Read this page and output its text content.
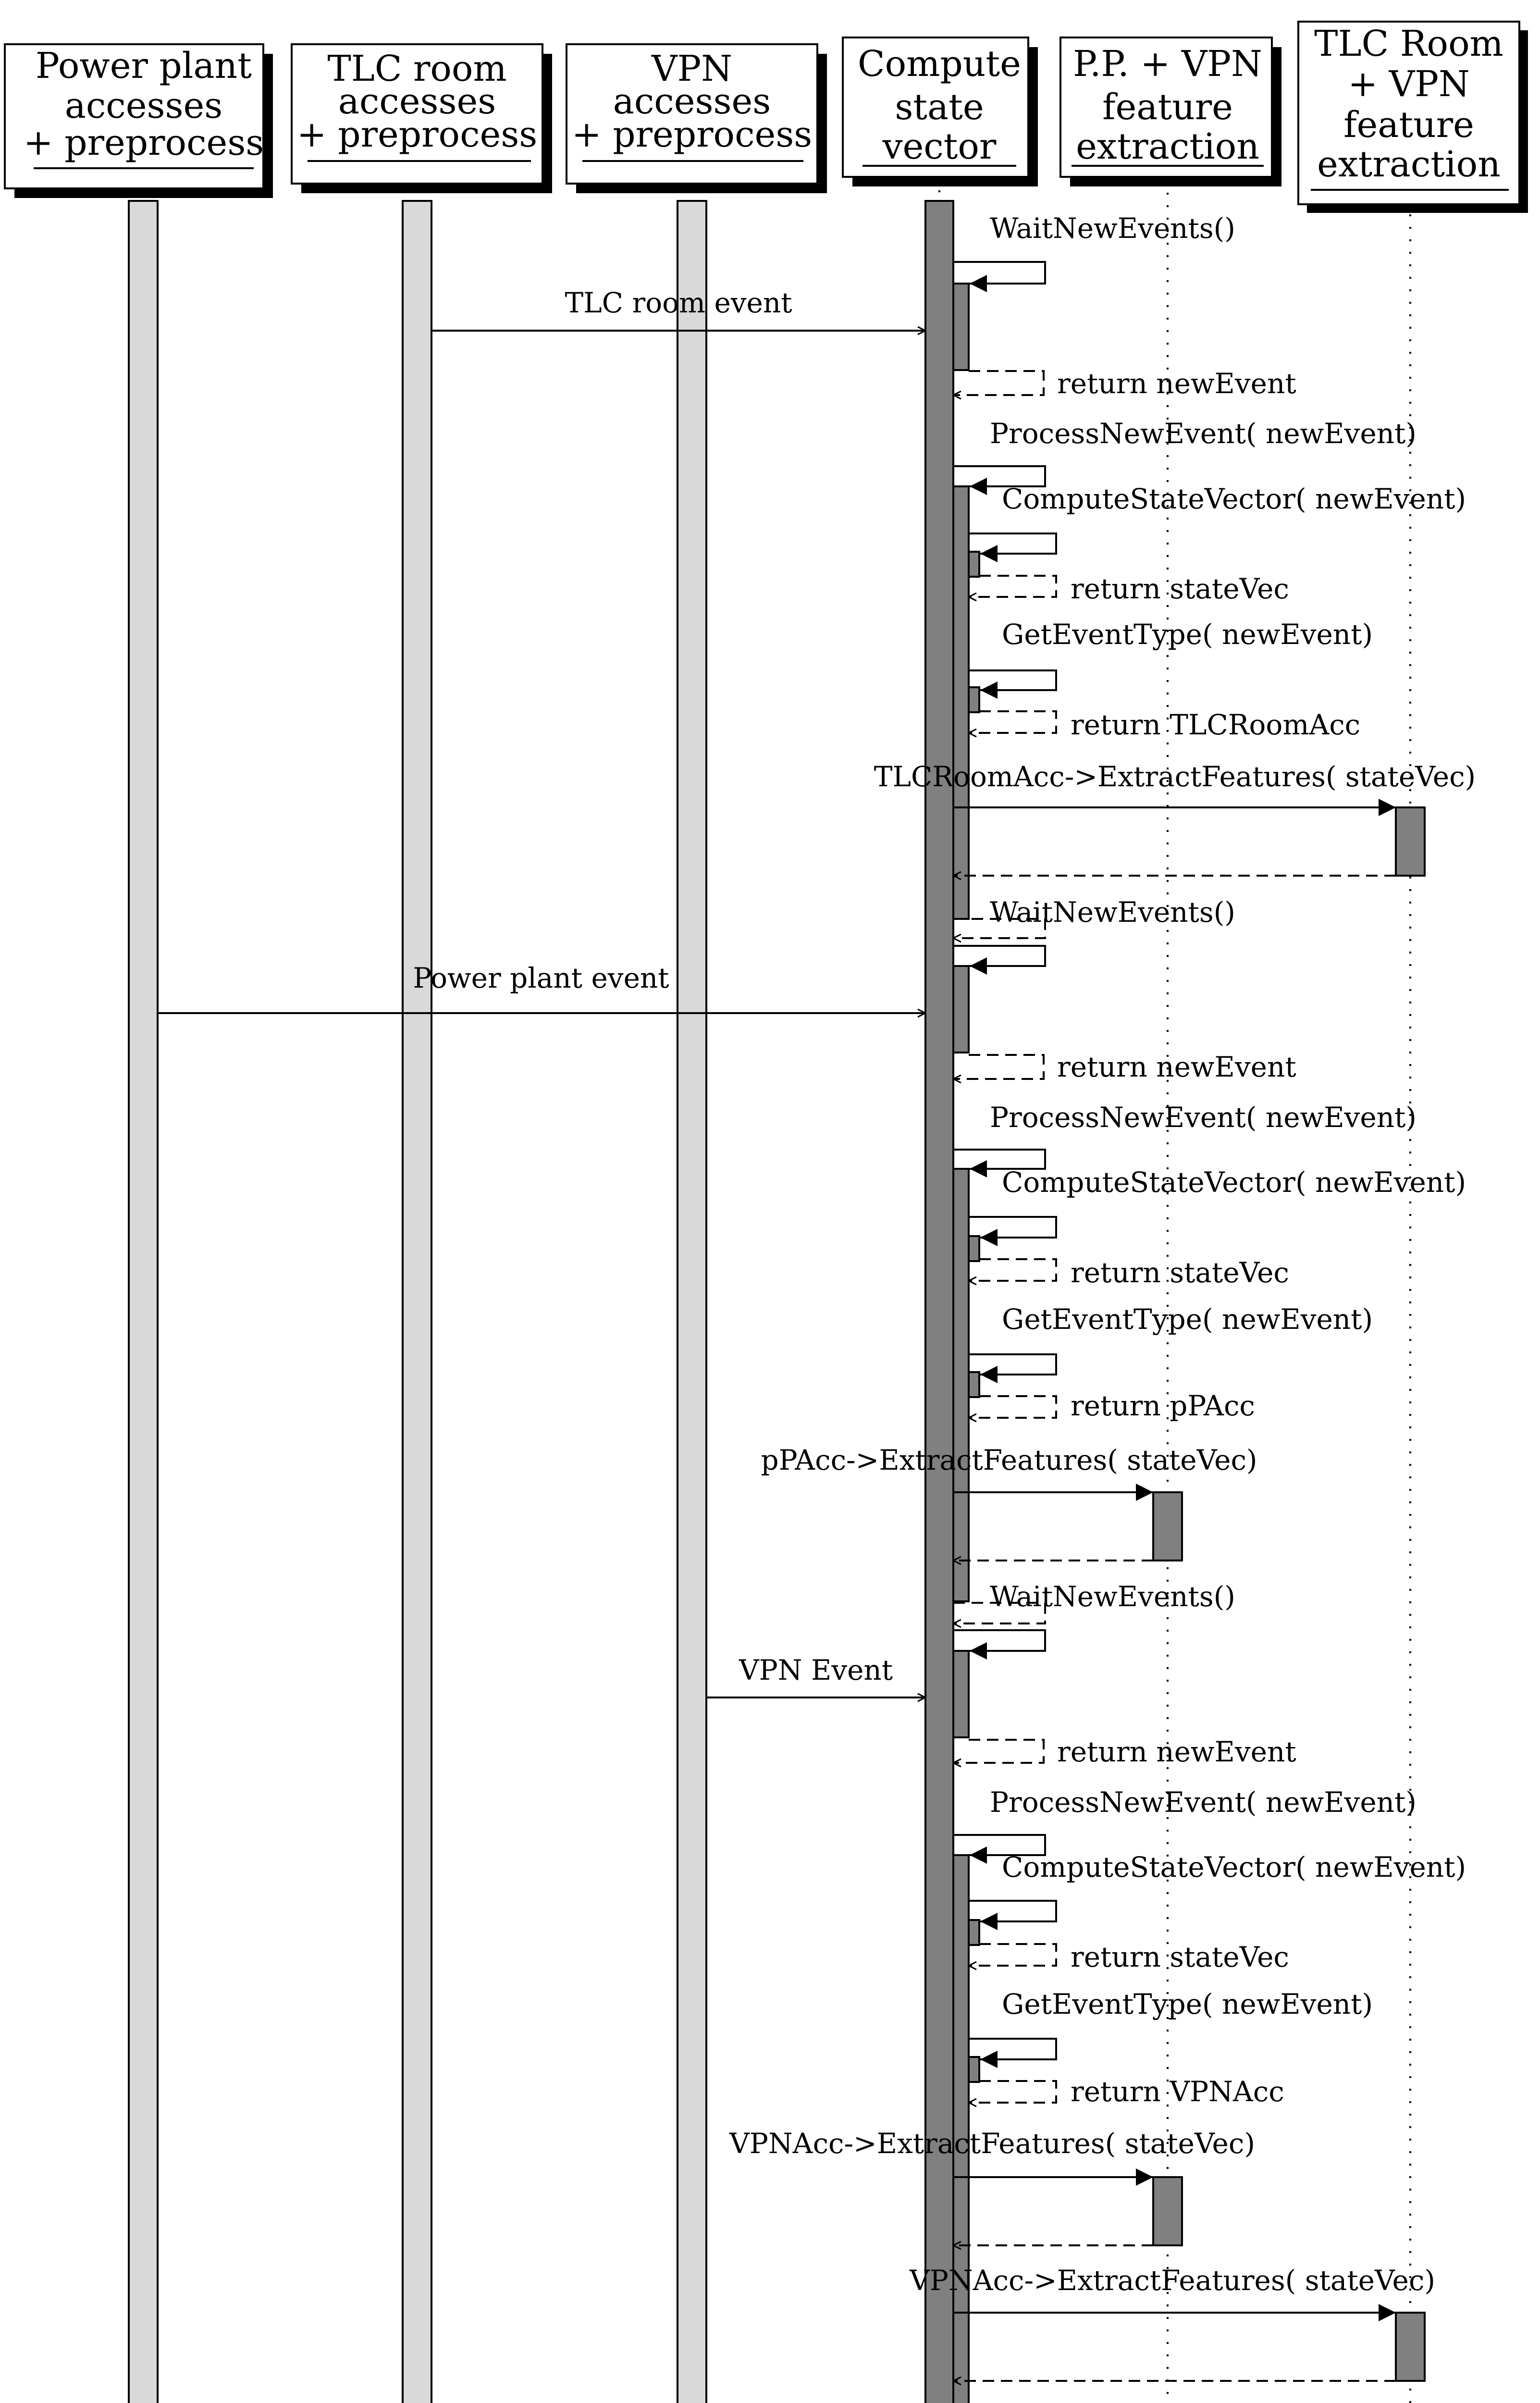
Power plant
accesses
+ preprocess
TLC room
accesses
+ preprocess
VPN
accesses
+ preprocess
Compute
state
vector
P.P. + VPN
feature
extraction
TLC Room
+ VPN
feature
extraction
WaitNewEvents()
TLC room event
return newEvent
ProcessNewEvent( newEvent)
ComputeStateVector( newEvent)
return stateVec
GetEventType( newEvent)
return TLCRoomAcc
TLCRoomAcc->ExtractFeatures( stateVec)
WaitNewEvents()
Power plant event
return newEvent
ProcessNewEvent( newEvent)
ComputeStateVector( newEvent)
return stateVec
GetEventType( newEvent)
return pPAcc
pPAcc->ExtractFeatures( stateVec)
WaitNewEvents()
VPN Event
return newEvent
ProcessNewEvent( newEvent)
ComputeStateVector( newEvent)
return stateVec
GetEventType( newEvent)
return VPNAcc
VPNAcc->ExtractFeatures( stateVec)
VPNAcc->ExtractFeatures( stateVec)
